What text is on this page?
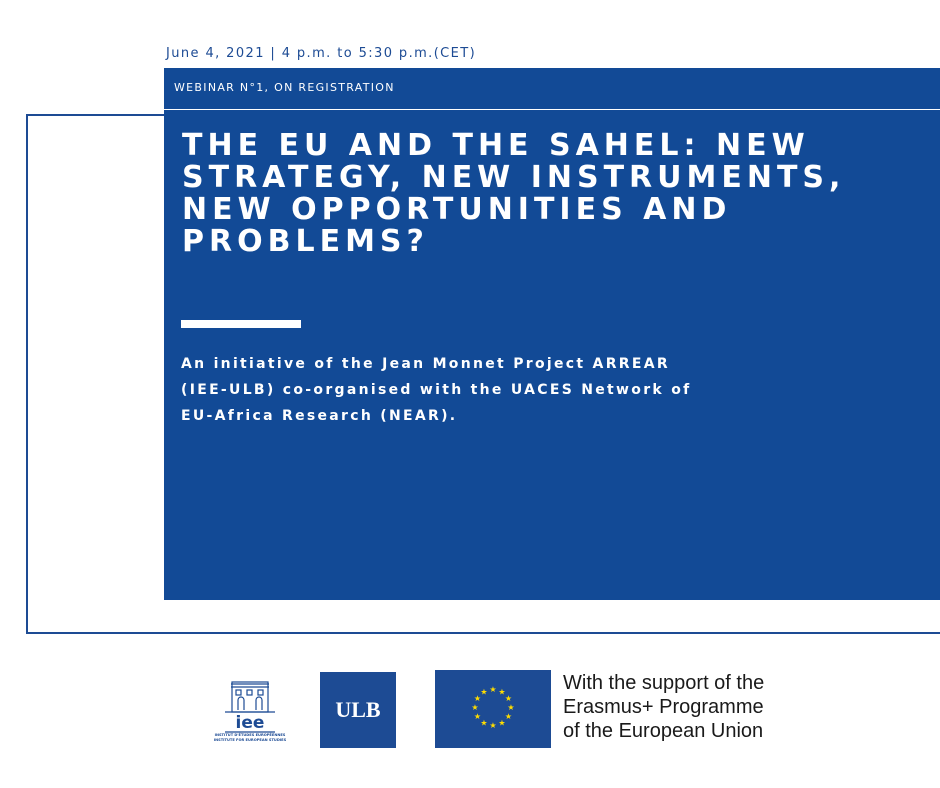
June 4, 2021 | 4 p.m. to 5:30 p.m.(CET)
WEBINAR N°1, ON REGISTRATION
THE EU AND THE SAHEL: NEW STRATEGY, NEW INSTRUMENTS, NEW OPPORTUNITIES AND PROBLEMS?
An initiative of the Jean Monnet Project ARREAR
(IEE-ULB) co-organised with the UACES Network of
EU-Africa Research (NEAR).
iee
INSTITUT D'ÉTUDES EUROPÉENNES
INSTITUTE FOR EUROPEAN STUDIES
ULB
★ ★
★
★
★
★
★
★
★
★
★
★	With the support of the
Erasmus+ Programme
of the European Union
